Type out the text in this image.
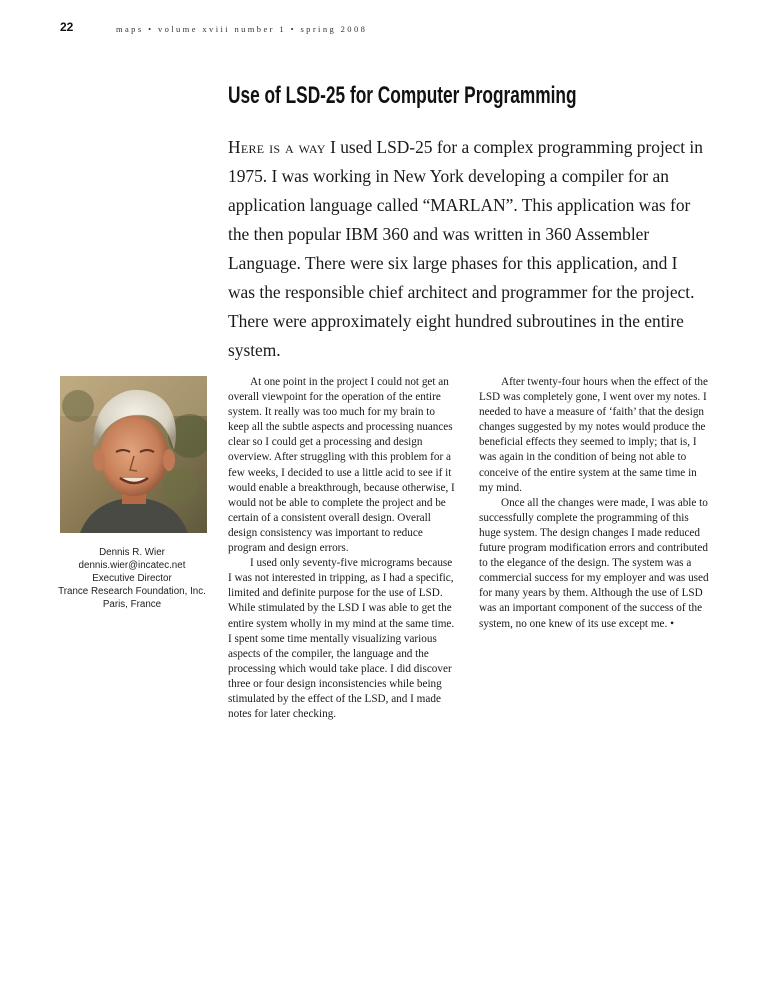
22	maps • volume xviii number 1 • spring 2008
Use of LSD-25 for Computer Programming

Here is a way I used LSD-25 for a complex programming project in 1975. I was working in New York developing a compiler for an application language called “MARLAN”. This application was for the then popular IBM 360 and was written in 360 Assembler Language. There were six large phases for this application, and I was the responsible chief architect and programmer for the project. There were approximately eight hundred subroutines in the entire system.

Dennis R. Wier
dennis.wier@incatec.net
Executive Director
Trance Research Foundation, Inc.
Paris, France

At one point in the project I could not get an overall viewpoint for the operation of the entire system. It really was too much for my brain to keep all the subtle aspects and processing nuances clear so I could get a processing and design overview. After struggling with this problem for a few weeks, I decided to use a little acid to see if it would enable a breakthrough, because otherwise, I would not be able to complete the project and be certain of a consistent overall design. Overall design consistency was important to reduce program and design errors.

I used only seventy-five micrograms because I was not interested in tripping, as I had a specific, limited and definite purpose for the use of LSD. While stimulated by the LSD I was able to get the entire system wholly in my mind at the same time. I spent some time mentally visualizing various aspects of the compiler, the language and the processing which would take place. I did discover three or four design inconsistencies while being stimulated by the effect of the LSD, and I made notes for later checking.

After twenty-four hours when the effect of the LSD was completely gone, I went over my notes. I needed to have a measure of ‘faith’ that the design changes suggested by my notes would produce the beneficial effects they seemed to imply; that is, I was again in the condition of being not able to conceive of the entire system at the same time in my mind.

Once all the changes were made, I was able to successfully complete the programming of this huge system. The design changes I made reduced future program modification errors and contributed to the elegance of the design. The system was a commercial success for my employer and was used for many years by them. Although the use of LSD was an important component of the success of the system, no one knew of its use except me. •
